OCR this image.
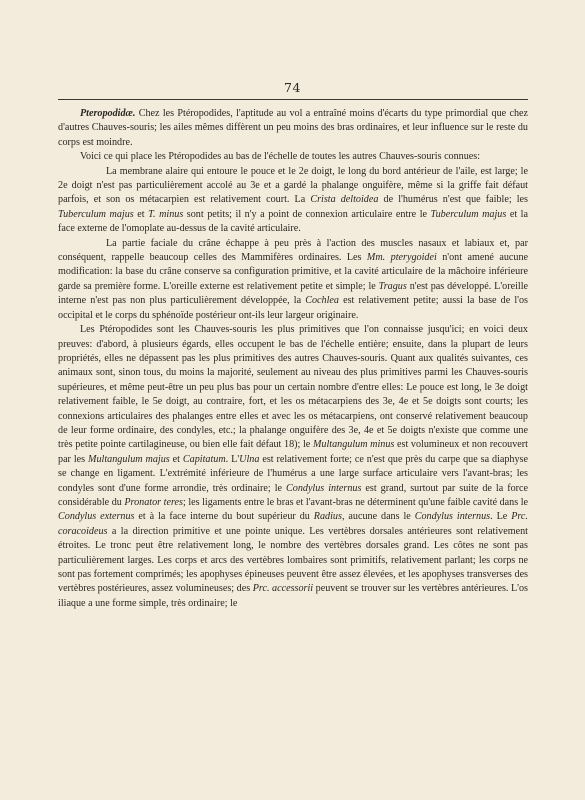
74

Pteropodidæ. Chez les Ptéropodides, l'aptitude au vol a entraîné moins d'écarts du type primordial que chez d'autres Chauves-souris; les ailes mêmes diffèrent un peu moins des bras ordinaires, et leur influence sur le reste du corps est moindre.

Voici ce qui place les Ptéropodides au bas de l'échelle de toutes les autres Chauves-souris connues:

La membrane alaire qui entoure le pouce et le 2e doigt, le long du bord antérieur de l'aile, est large; le 2e doigt n'est pas particulièrement accolé au 3e et a gardé la phalange onguifère, même si la griffe fait défaut parfois, et son os métacarpien est relativement court. La Crista deltoidea de l'humérus n'est que faible; les Tuberculum majus et T. minus sont petits; il n'y a point de connexion articulaire entre le Tuberculum majus et la face externe de l'omoplate au-dessus de la cavité articulaire.

La partie faciale du crâne échappe à peu près à l'action des muscles nasaux et labiaux et, par conséquent, rappelle beaucoup celles des Mammifères ordinaires. Les Mm. pterygoidei n'ont amené aucune modification: la base du crâne conserve sa configuration primitive, et la cavité articulaire de la mâchoire inférieure garde sa première forme. L'oreille externe est relativement petite et simple; le Tragus n'est pas développé. L'oreille interne n'est pas non plus particulièrement développée, la Cochlea est relativement petite; aussi la base de l'os occipital et le corps du sphénoïde postérieur ont-ils leur largeur originaire.

Les Ptéropodides sont les Chauves-souris les plus primitives que l'on connaisse jusqu'ici; en voici deux preuves: d'abord, à plusieurs égards, elles occupent le bas de l'échelle entière; ensuite, dans la plupart de leurs propriétés, elles ne dépassent pas les plus primitives des autres Chauves-souris. Quant aux qualités suivantes, ces animaux sont, sinon tous, du moins la majorité, seulement au niveau des plus primitives parmi les Chauves-souris supérieures, et même peut-être un peu plus bas pour un certain nombre d'entre elles: Le pouce est long, le 3e doigt relativement faible, le 5e doigt, au contraire, fort, et les os métacarpiens des 3e, 4e et 5e doigts sont courts; les connexions articulaires des phalanges entre elles et avec les os métacarpiens, ont conservé relativement beaucoup de leur forme ordinaire, des condyles, etc.; la phalange onguifère des 3e, 4e et 5e doigts n'existe que comme une très petite pointe cartilagineuse, ou bien elle fait défaut 18); le Multangulum minus est volumineux et non recouvert par les Multangulum majus et Capitatum. L'Ulna est relativement forte; ce n'est que près du carpe que sa diaphyse se change en ligament. L'extrémité inférieure de l'humérus a une large surface articulaire vers l'avant-bras; les condyles sont d'une forme arrondie, très ordinaire; le Condylus internus est grand, surtout par suite de la force considérable du Pronator teres; les ligaments entre le bras et l'avant-bras ne déterminent qu'une faible cavité dans le Condylus externus et à la face interne du bout supérieur du Radius, aucune dans le Condylus internus. Le Prc. coracoideus a la direction primitive et une pointe unique. Les vertèbres dorsales antérieures sont relativement étroites. Le tronc peut être relativement long, le nombre des vertèbres dorsales grand. Les côtes ne sont pas particulièrement larges. Les corps et arcs des vertèbres lombaires sont primitifs, relativement parlant; les corps ne sont pas fortement comprimés; les apophyses épineuses peuvent être assez élevées, et les apophyses transverses des vertèbres postérieures, assez volumineuses; des Prc. accessorii peuvent se trouver sur les vertèbres antérieures. L'os iliaque a une forme simple, très ordinaire; le
